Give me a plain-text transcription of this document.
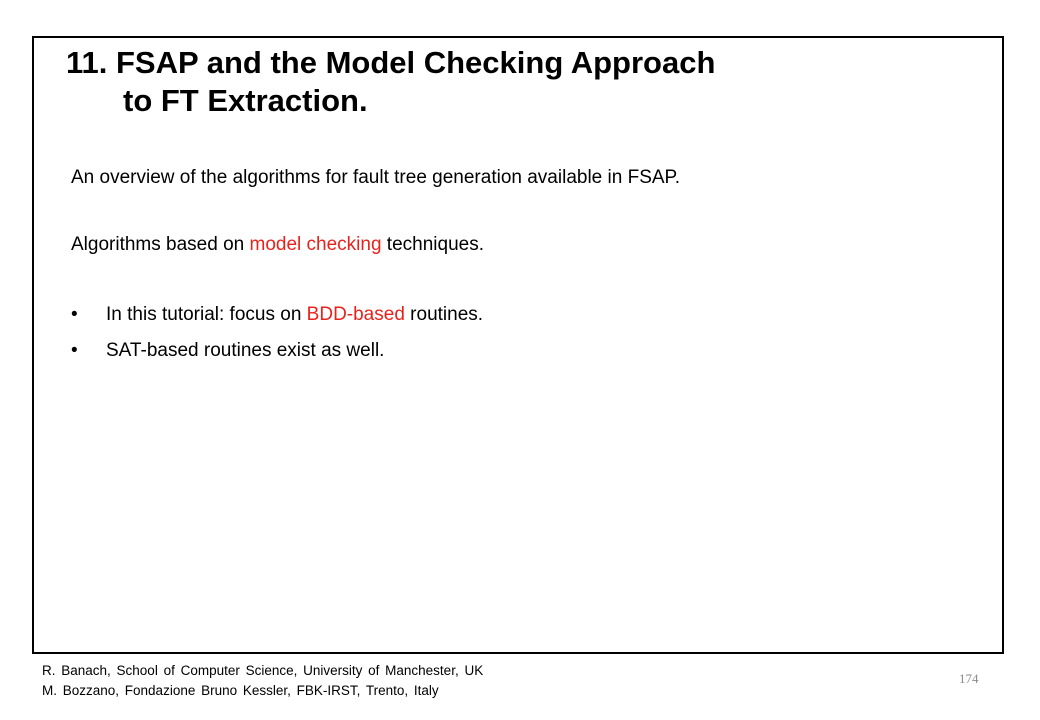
11. FSAP and the Model Checking Approach
to FT Extraction.

An overview of the algorithms for fault tree generation available in FSAP.

Algorithms based on model checking techniques.

• In this tutorial: focus on BDD-based routines.
• SAT-based routines exist as well.
R. Banach, School of Computer Science, University of Manchester, UK
M. Bozzano, Fondazione Bruno Kessler, FBK-IRST, Trento, Italy
174
